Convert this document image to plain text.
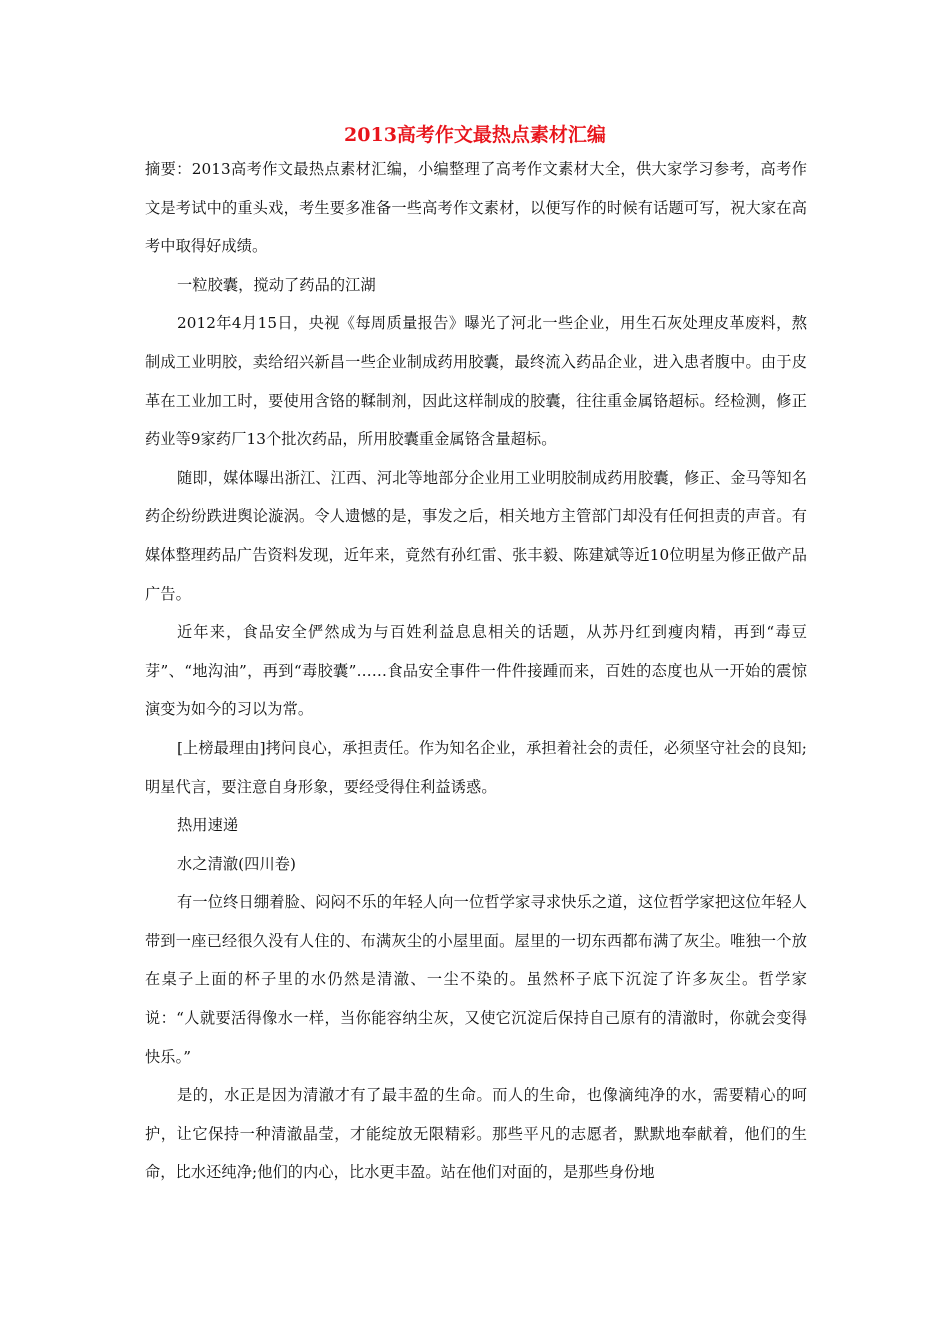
2013高考作文最热点素材汇编

摘要：2013高考作文最热点素材汇编，小编整理了高考作文素材大全，供大家学习参考，高考作文是考试中的重头戏，考生要多准备一些高考作文素材，以便写作的时候有话题可写，祝大家在高考中取得好成绩。

一粒胶囊，搅动了药品的江湖

2012年4月15日，央视《每周质量报告》曝光了河北一些企业，用生石灰处理皮革废料，熬制成工业明胶，卖给绍兴新昌一些企业制成药用胶囊，最终流入药品企业，进入患者腹中。由于皮革在工业加工时，要使用含铬的鞣制剂，因此这样制成的胶囊，往往重金属铬超标。经检测，修正药业等9家药厂13个批次药品，所用胶囊重金属铬含量超标。

随即，媒体曝出浙江、江西、河北等地部分企业用工业明胶制成药用胶囊，修正、金马等知名药企纷纷跌进舆论漩涡。令人遗憾的是，事发之后，相关地方主管部门却没有任何担责的声音。有媒体整理药品广告资料发现，近年来，竟然有孙红雷、张丰毅、陈建斌等近10位明星为修正做产品广告。

近年来，食品安全俨然成为与百姓利益息息相关的话题，从苏丹红到瘦肉精，再到“毒豆芽”、“地沟油”，再到“毒胶囊”……食品安全事件一件件接踵而来，百姓的态度也从一开始的震惊演变为如今的习以为常。

[上榜最理由]拷问良心，承担责任。作为知名企业，承担着社会的责任，必须坚守社会的良知;明星代言，要注意自身形象，要经受得住利益诱惑。

热用速递

水之清澈(四川卷)

有一位终日绷着脸、闷闷不乐的年轻人向一位哲学家寻求快乐之道，这位哲学家把这位年轻人带到一座已经很久没有人住的、布满灰尘的小屋里面。屋里的一切东西都布满了灰尘。唯独一个放在桌子上面的杯子里的水仍然是清澈、一尘不染的。虽然杯子底下沉淀了许多灰尘。哲学家说：“人就要活得像水一样，当你能容纳尘灰，又使它沉淀后保持自己原有的清澈时，你就会变得快乐。”

是的，水正是因为清澈才有了最丰盈的生命。而人的生命，也像滴纯净的水，需要精心的呵护，让它保持一种清澈晶莹，才能绽放无限精彩。那些平凡的志愿者，默默地奉献着，他们的生命，比水还纯净;他们的内心，比水更丰盈。站在他们对面的，是那些身份地
